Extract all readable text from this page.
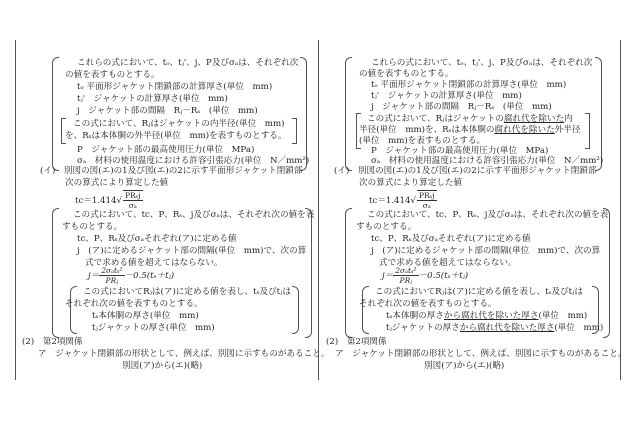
これらの式において、tₒ、tⱼ'、j、P及びσₐは、それぞれ次
の値を表すものとする。
tₒ 平面形ジャケット閉鎖部の計算厚さ(単位　mm)
tⱼ'　ジャケットの計算厚さ(単位　mm)
j　ジャケット部の間隔　Rⱼ－Rₛ　(単位　mm)
この式において、Rⱼはジャケットの内半径(単位　mm)
を、Rₛは本体胴の外半径(単位　mm)を表すものとする。
P　ジャケット部の最高使用圧力(単位　MPa)
σₐ　材料の使用温度における許容引張応力(単位　N／mm²)
(イ)　別図の図(エ)の1及び図(エ)の2に示す平面形ジャケット閉鎖部
次の算式により算定した値
$tc=1.414√ \frac{\text{PRₛj}}{\text{σₐ}}$
この式において、tc、P、Rₛ、j及びσₐは、それぞれ次の値を表
すものとする。
tc、P、Rₛ及びσₐそれぞれ(ア)に定める値
j　(ア)に定めるジャケット部の間隔(単位　mm)で、次の算
式で求める値を超えてはならない。
$j= \frac{\text{2σₐtₛ²}}{\text{PRⱼ}}$ －0.5(tₛ＋tⱼ)
この式においてRⱼは(ア)に定める値を表し、tₛ及びtⱼは
それぞれ次の値を表すものとする。
tₛ本体胴の厚さ(単位　mm)
tⱼジャケットの厚さ(単位　mm)
(2)　第2項関係
ア　ジャケット閉鎖部の形状として、例えば、別図に示すものがあること。
別図(ア)から(エ)(略)
これらの式において、tₒ、tⱼ'、j、P及びσₐは、それぞれ次
の値を表すものとする。
tₒ 平面形ジャケット閉鎖部の計算厚さ(単位　mm)
tⱼ'　ジャケットの計算厚さ(単位　mm)
j　ジャケット部の間隔　Rⱼ－Rₛ　(単位　mm)
この式において、Rⱼはジャケットの腐れ代を除いた内
半径(単位　mm)を、Rₛは本体胴の腐れ代を除いた外半径
(単位　mm)を表すものとする。
P　ジャケット部の最高使用圧力(単位　MPa)
σₐ　材料の使用温度における許容引張応力(単位　N／mm²)
(イ)　別図の図(エ)の1及び図(エ)の2に示す平面形ジャケット閉鎖部
次の算式により算定した値
$tc=1.414√ \frac{\text{PRₛj}}{\text{σₐ}}$
この式において、tc、P、Rₛ、j及びσₐは、それぞれ次の値を表
すものとする。
tc、P、Rₛ及びσₐそれぞれ(ア)に定める値
j　(ア)に定めるジャケット部の間隔(単位　mm)で、次の算
式で求める値を超えてはならない。
$j= \frac{\text{2σₐtₛ²}}{\text{PRⱼ}}$ －0.5(tₛ＋tⱼ)
この式においてRⱼは(ア)に定める値を表し、tₛ及びtⱼは
それぞれ次の値を表すものとする。
tₛ本体胴の厚さから腐れ代を除いた厚さ(単位　mm)
tⱼジャケットの厚さから腐れ代を除いた厚さ(単位　mm)
(2)　第2項関係
ア　ジャケット閉鎖部の形状として、例えば、別図に示すものがあること。
別図(ア)から(エ)(略)
